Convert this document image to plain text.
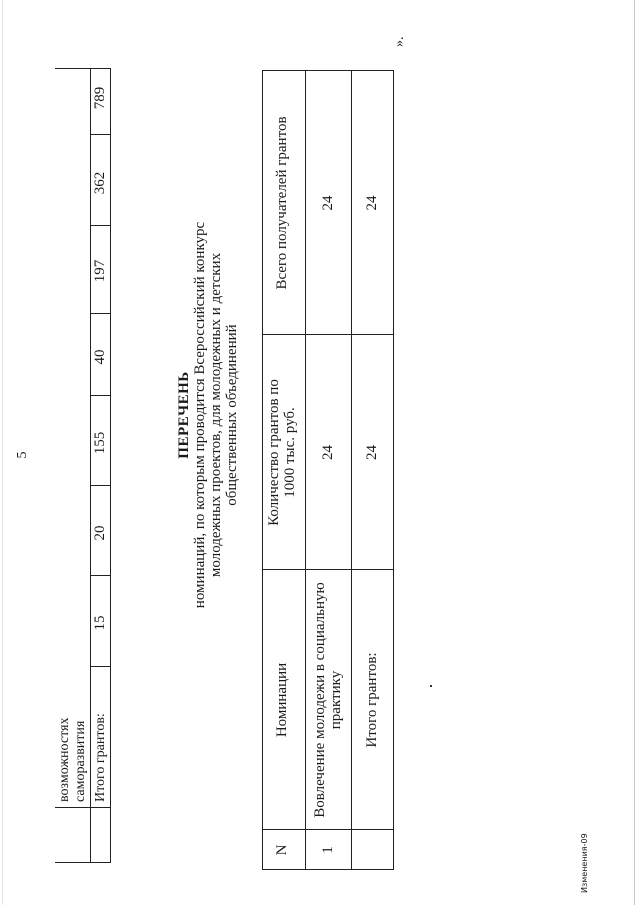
возможностях саморазвития Итого грантов:
15
20
155
40
197
362
789
5	ПЕРЕЧЕНЬ номинаций, по которым проводится Всероссийский конкурс молодежных проектов, для молодежных и детских общественных объединений
N
Номинации
Количество грантов по 1000 тыс. руб.
Всего получателей грантов
1
Вовлечение молодежи в социальную практику
24
24
Итого грантов:
24
24
».
Изменения-09
